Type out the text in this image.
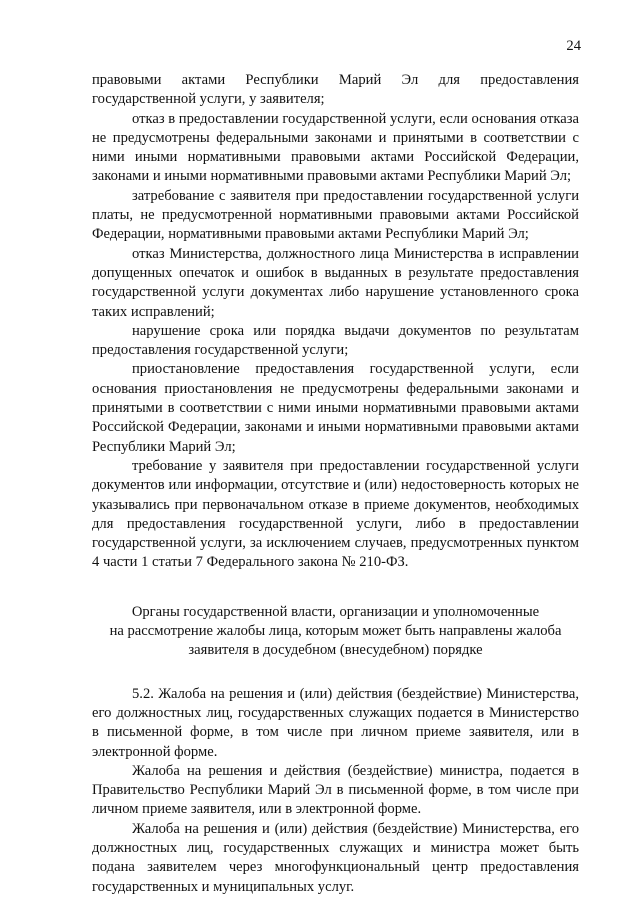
24

правовыми актами Республики Марий Эл для предоставления государственной услуги, у заявителя;

отказ в предоставлении государственной услуги, если основания отказа не предусмотрены федеральными законами и принятыми в соответствии с ними иными нормативными правовыми актами Российской Федерации, законами и иными нормативными правовыми актами Республики Марий Эл;

затребование с заявителя при предоставлении государственной услуги платы, не предусмотренной нормативными правовыми актами Российской Федерации, нормативными правовыми актами Республики Марий Эл;

отказ Министерства, должностного лица Министерства в исправлении допущенных опечаток и ошибок в выданных в результате предоставления государственной услуги документах либо нарушение установленного срока таких исправлений;

нарушение срока или порядка выдачи документов по результатам предоставления государственной услуги;

приостановление предоставления государственной услуги, если основания приостановления не предусмотрены федеральными законами и принятыми в соответствии с ними иными нормативными правовыми актами Российской Федерации, законами и иными нормативными правовыми актами Республики Марий Эл;

требование у заявителя при предоставлении государственной услуги документов или информации, отсутствие и (или) недостоверность которых не указывались при первоначальном отказе в приеме документов, необходимых для предоставления государственной услуги, либо в предоставлении государственной услуги, за исключением случаев, предусмотренных пунктом 4 части 1 статьи 7 Федерального закона № 210-ФЗ.

Органы государственной власти, организации и уполномоченные
на рассмотрение жалобы лица, которым может быть направлены жалоба
заявителя в досудебном (внесудебном) порядке

5.2. Жалоба на решения и (или) действия (бездействие) Министерства, его должностных лиц, государственных служащих подается в Министерство в письменной форме, в том числе при личном приеме заявителя, или в электронной форме.

Жалоба на решения и действия (бездействие) министра, подается в Правительство Республики Марий Эл в письменной форме, в том числе при личном приеме заявителя, или в электронной форме.

Жалоба на решения и (или) действия (бездействие) Министерства, его должностных лиц, государственных служащих и министра может быть подана заявителем через многофункциональный центр предоставления государственных и муниципальных услуг.
